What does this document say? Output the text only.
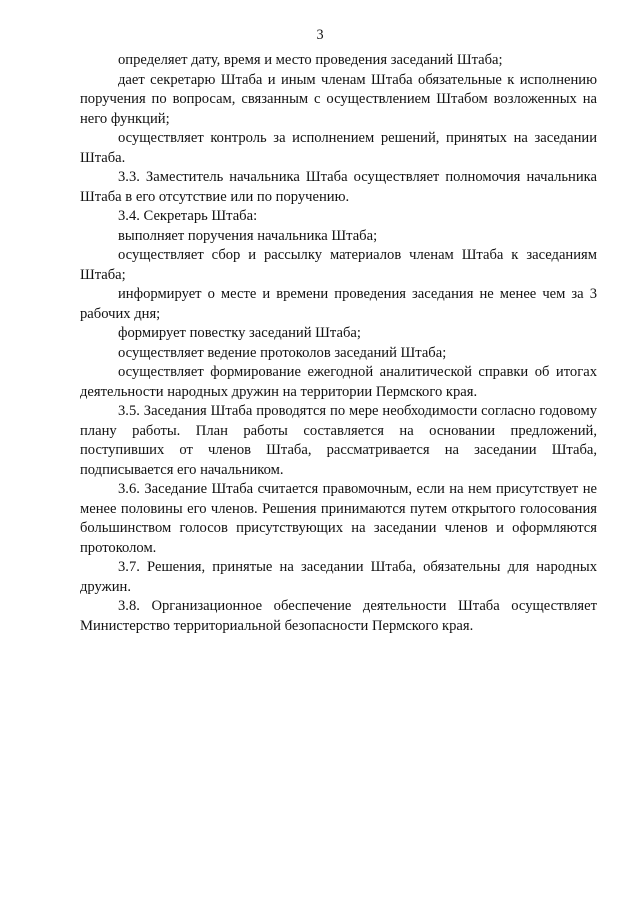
3

определяет дату, время и место проведения заседаний Штаба;

дает секретарю Штаба и иным членам Штаба обязательные к исполнению поручения по вопросам, связанным с осуществлением Штабом возложенных на него функций;

осуществляет контроль за исполнением решений, принятых на заседании Штаба.

3.3. Заместитель начальника Штаба осуществляет полномочия начальника Штаба в его отсутствие или по поручению.

3.4. Секретарь Штаба:

выполняет поручения начальника Штаба;

осуществляет сбор и рассылку материалов членам Штаба к заседаниям Штаба;

информирует о месте и времени проведения заседания не менее чем за 3 рабочих дня;

формирует повестку заседаний Штаба;

осуществляет ведение протоколов заседаний Штаба;

осуществляет формирование ежегодной аналитической справки об итогах деятельности народных дружин на территории Пермского края.

3.5. Заседания Штаба проводятся по мере необходимости согласно годовому плану работы. План работы составляется на основании предложений, поступивших от членов Штаба, рассматривается на заседании Штаба, подписывается его начальником.

3.6. Заседание Штаба считается правомочным, если на нем присутствует не менее половины его членов. Решения принимаются путем открытого голосования большинством голосов присутствующих на заседании членов и оформляются протоколом.

3.7. Решения, принятые на заседании Штаба, обязательны для народных дружин.

3.8. Организационное обеспечение деятельности Штаба осуществляет Министерство территориальной безопасности Пермского края.
